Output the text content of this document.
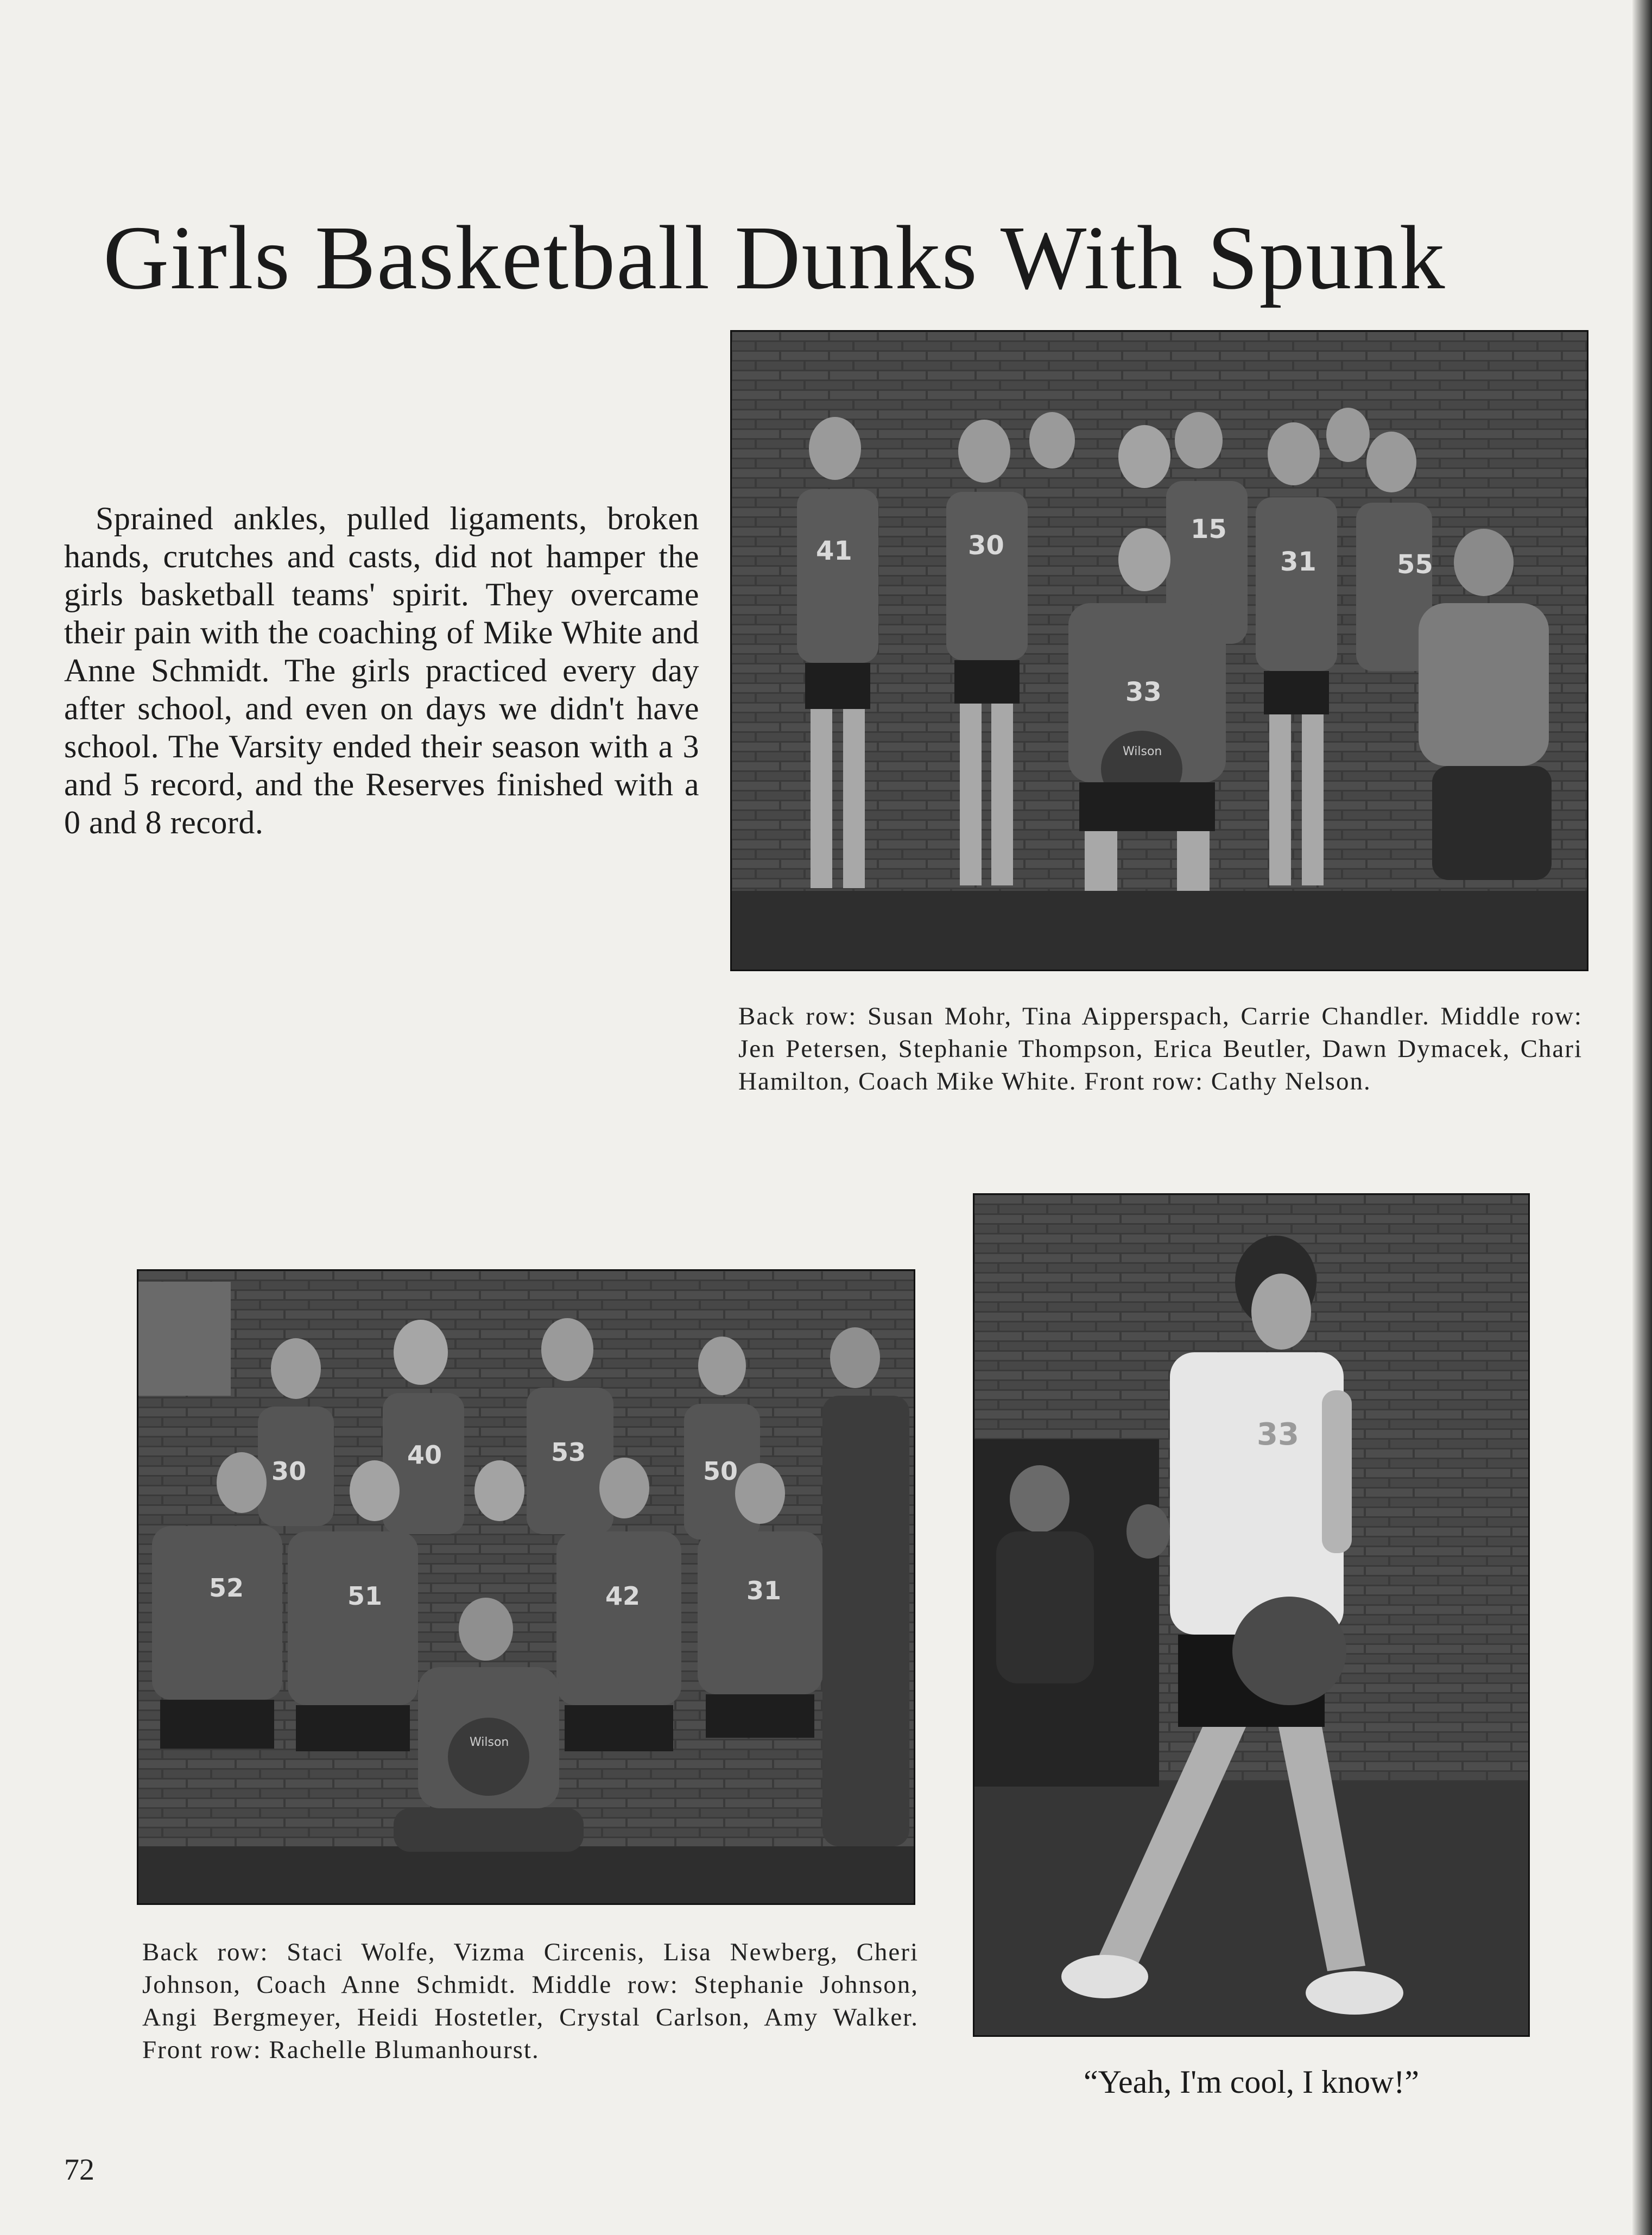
Girls Basketball Dunks With Spunk

Sprained ankles, pulled ligaments, broken hands, crutches and casts, did not hamper the girls basketball teams' spirit. They overcame their pain with the coaching of Mike White and Anne Schmidt. The girls practiced every day after school, and even on days we didn't have school. The Varsity ended their season with a 3 and 5 record, and the Reserves finished with a 0 and 8 record.

41	30
15
31	55
33
Wilson
Back row: Susan Mohr, Tina Aipperspach, Carrie Chandler. Middle row: Jen Petersen, Stephanie Thompson, Erica Beutler, Dawn Dymacek, Chari Hamilton, Coach Mike White. Front row: Cathy Nelson.
30
40	53
50
52	51	42	31
Wilson
Back row: Staci Wolfe, Vizma Circenis, Lisa Newberg, Cheri Johnson, Coach Anne Schmidt. Middle row: Stephanie Johnson, Angi Bergmeyer, Heidi Hostetler, Crystal Carlson, Amy Walker. Front row: Rachelle Blumanhourst.
33
“Yeah, I'm cool, I know!”
72
